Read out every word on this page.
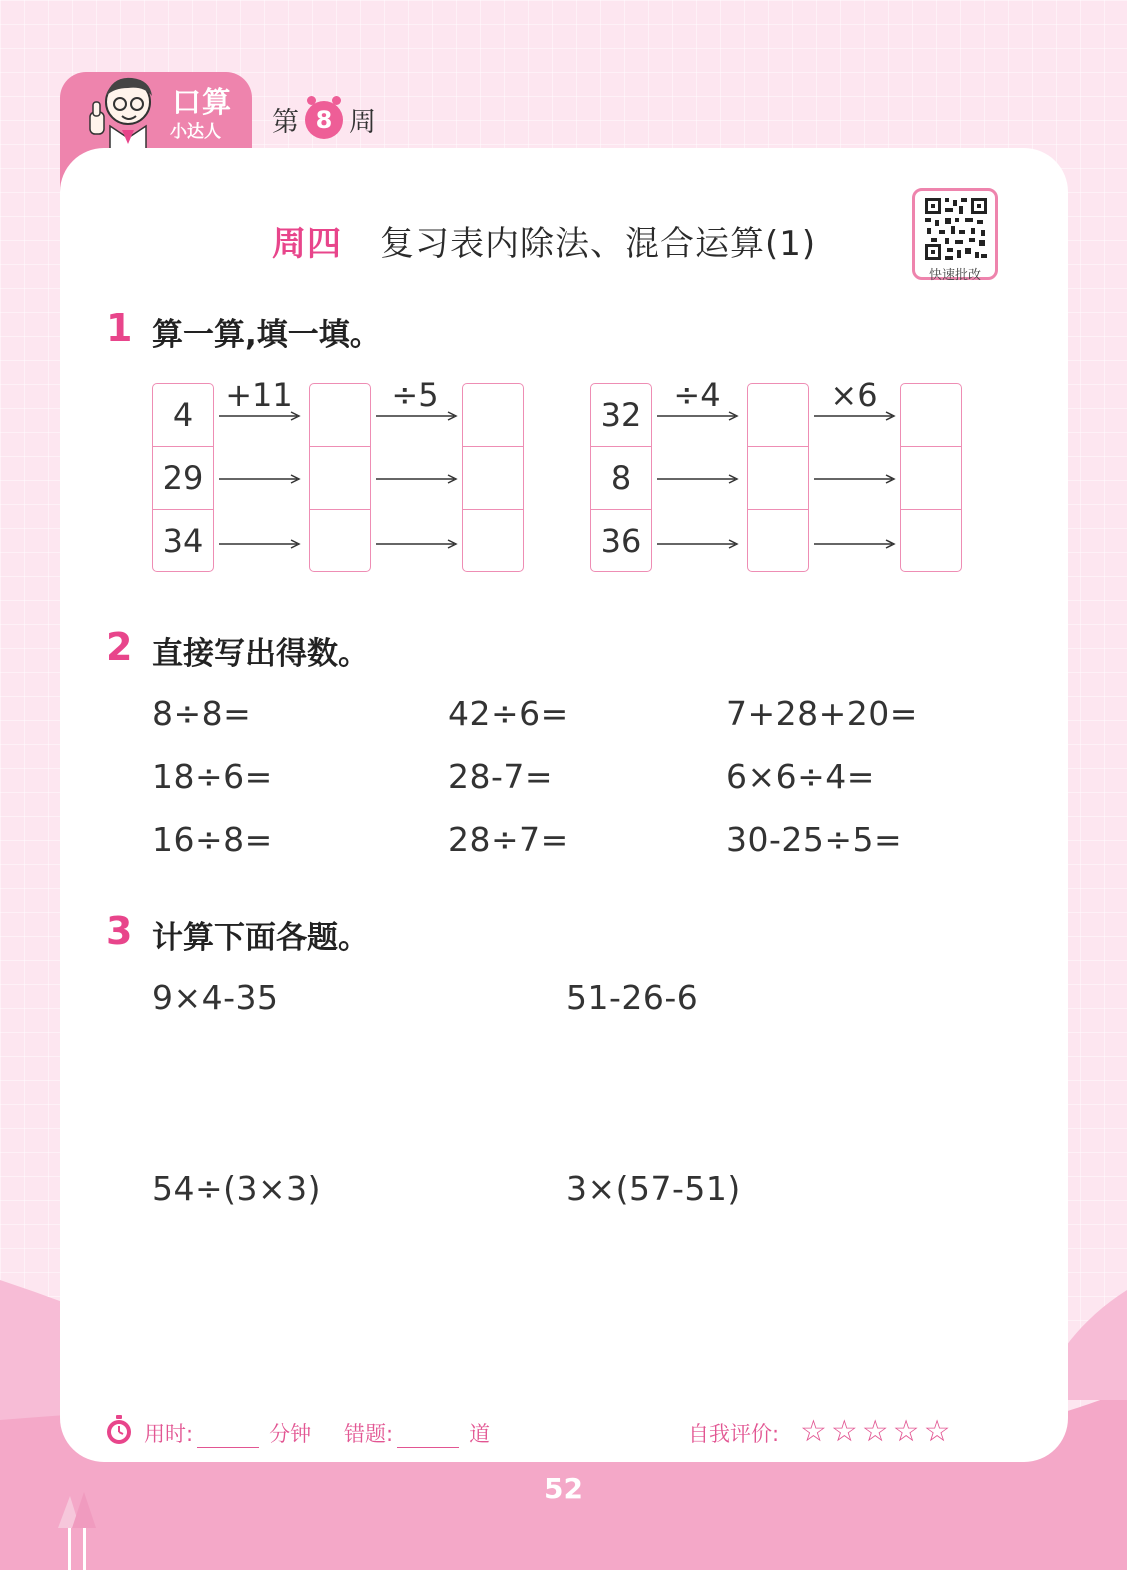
口算
小达人 第 8 周
周四 复习表内除法、混合运算(1)
快速批改
1 算一算,填一填。
4
29
34
+11	÷5
32
8
36
÷4	×6
2 直接写出得数。
8÷8=	42÷6=	7+28+20=
18÷6=	28-7=	6×6÷4=
16÷8=	28÷7=	30-25÷5=
3 计算下面各题。
9×4-35	51-26-6
54÷(3×3)	3×(57-51)
用时:	分钟 错题:	道	自我评价: ☆☆☆☆☆
52
